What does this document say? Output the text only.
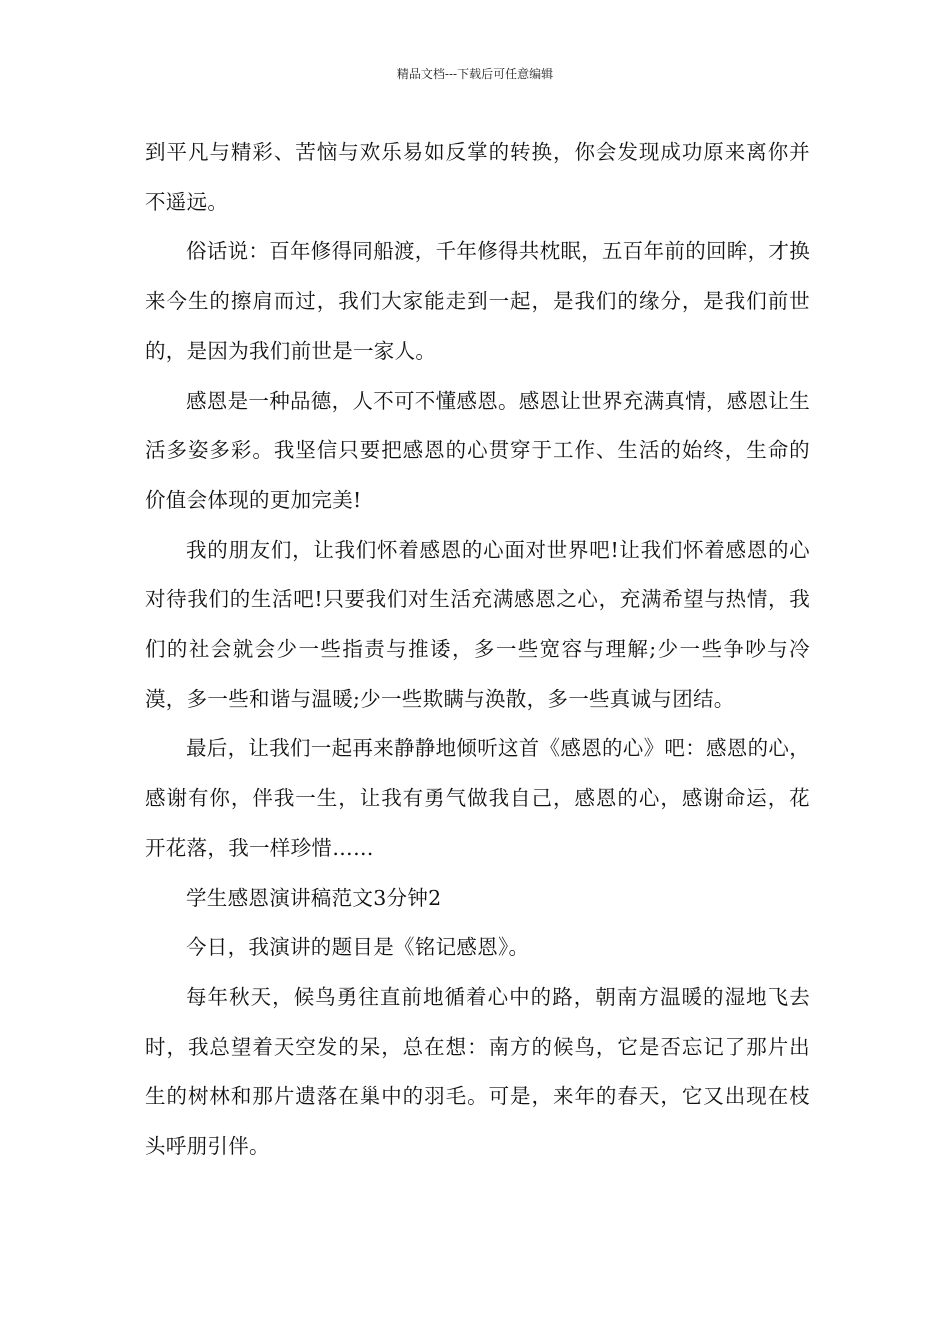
精品文档---下载后可任意编辑

到平凡与精彩、苦恼与欢乐易如反掌的转换，你会发现成功原来离你并不遥远。

俗话说：百年修得同船渡，千年修得共枕眠，五百年前的回眸，才换来今生的擦肩而过，我们大家能走到一起，是我们的缘分，是我们前世的，是因为我们前世是一家人。

感恩是一种品德，人不可不懂感恩。感恩让世界充满真情，感恩让生活多姿多彩。我坚信只要把感恩的心贯穿于工作、生活的始终，生命的价值会体现的更加完美!

我的朋友们，让我们怀着感恩的心面对世界吧!让我们怀着感恩的心对待我们的生活吧!只要我们对生活充满感恩之心，充满希望与热情，我们的社会就会少一些指责与推诿，多一些宽容与理解;少一些争吵与冷漠，多一些和谐与温暖;少一些欺瞒与涣散，多一些真诚与团结。

最后，让我们一起再来静静地倾听这首《感恩的心》吧：感恩的心，感谢有你，伴我一生，让我有勇气做我自己，感恩的心，感谢命运，花开花落，我一样珍惜……

学生感恩演讲稿范文3分钟2

今日，我演讲的题目是《铭记感恩》。

每年秋天，候鸟勇往直前地循着心中的路，朝南方温暖的湿地飞去时，我总望着天空发的呆，总在想：南方的候鸟，它是否忘记了那片出生的树林和那片遗落在巢中的羽毛。可是，来年的春天，它又出现在枝头呼朋引伴。
